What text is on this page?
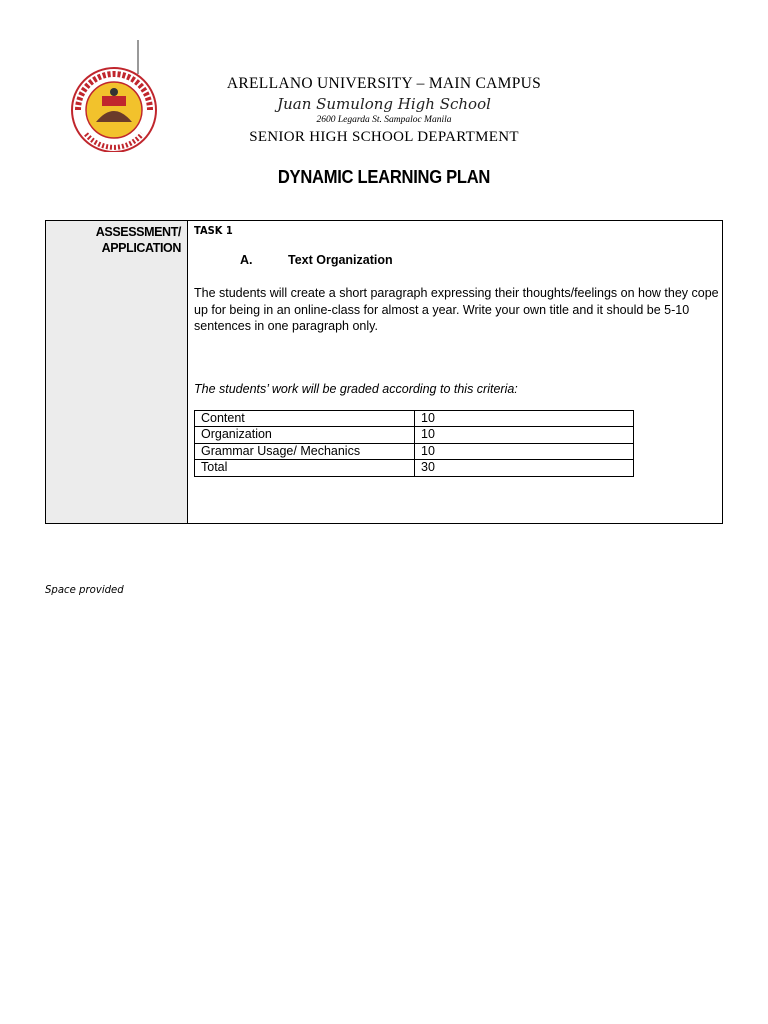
ARELLANO UNIVERSITY – MAIN CAMPUS
Juan Sumulong High School
2600 Legarda St. Sampaloc Manila
SENIOR HIGH SCHOOL DEPARTMENT
DYNAMIC LEARNING PLAN
ASSESSMENT/
APPLICATION
TASK 1
A.	Text Organization
The students will create a short paragraph expressing their thoughts/feelings on how they cope up for being in an online-class for almost a year. Write your own title and it should be 5-10 sentences in one paragraph only.
The students’ work will be graded according to this criteria:
Content	10
Organization	10
Grammar Usage/ Mechanics	10
Total	30
Space provided
